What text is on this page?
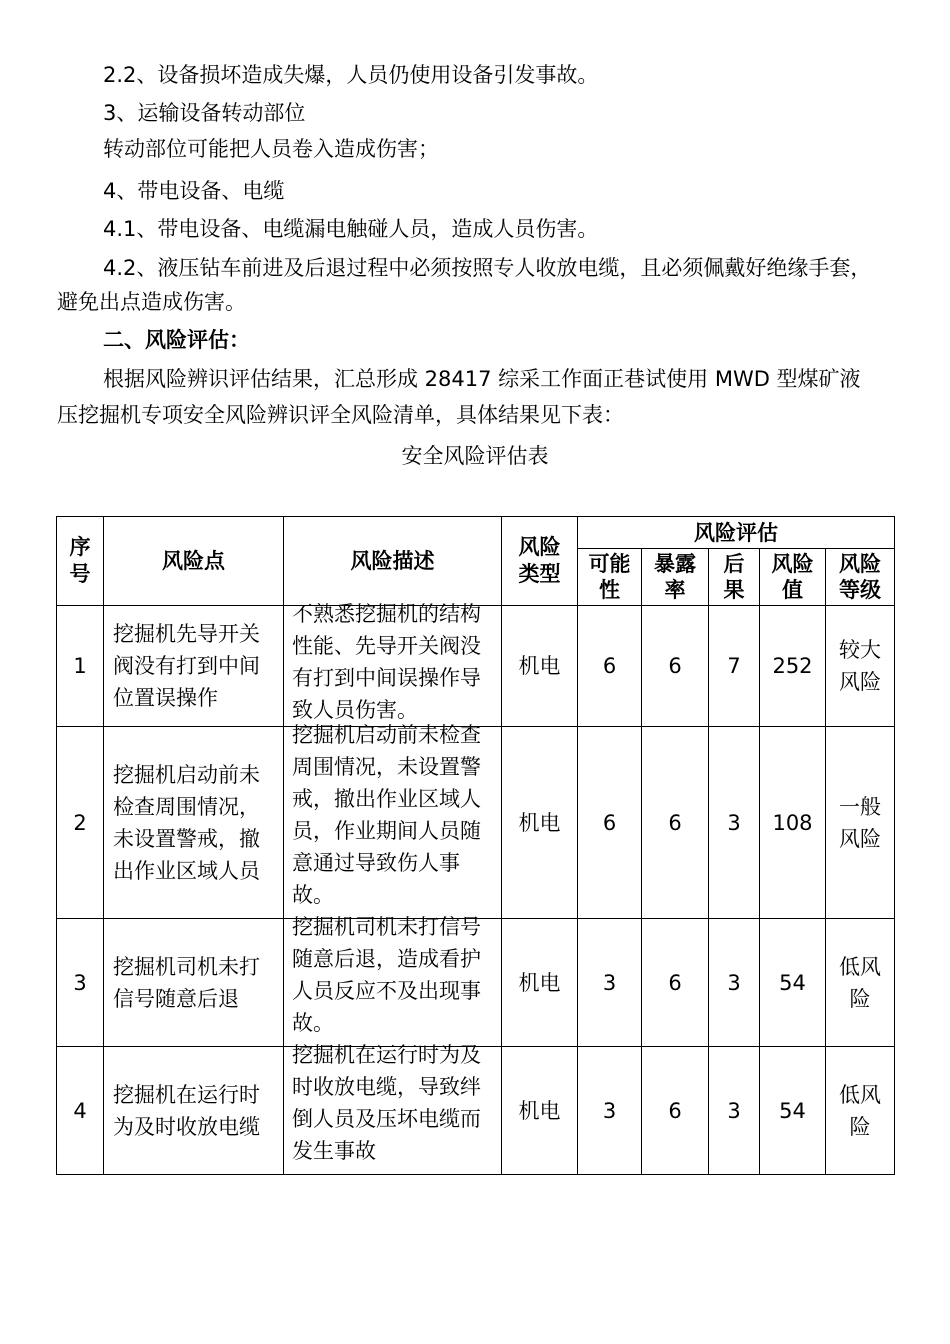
2.2、设备损坏造成失爆，人员仍使用设备引发事故。
3、运输设备转动部位
转动部位可能把人员卷入造成伤害；
4、带电设备、电缆
4.1、带电设备、电缆漏电触碰人员，造成人员伤害。
4.2、液压钻车前进及后退过程中必须按照专人收放电缆，且必须佩戴好绝缘手套，
避免出点造成伤害。
二、风险评估：
根据风险辨识评估结果，汇总形成 28417 综采工作面正巷试使用 MWD 型煤矿液
压挖掘机专项安全风险辨识评全风险清单，具体结果见下表：
安全风险评估表
序号	风险点	风险描述	风险类型	风险评估				

				可能性	暴露率	后果	风险值	风险等级

1	挖掘机先导开关阀没有打到中间位置误操作	不熟悉挖掘机的结构性能、先导开关阀没有打到中间误操作导致人员伤害。	机电	6	6	7	252	较大风险

2	挖掘机启动前未检查周围情况，未设置警戒，撤出作业区域人员	挖掘机启动前未检查周围情况，未设置警戒，撤出作业区域人员，作业期间人员随意通过导致伤人事故。	机电	6	6	3	108	一般风险

3	挖掘机司机未打信号随意后退	挖掘机司机未打信号随意后退，造成看护人员反应不及出现事故。	机电	3	6	3	54	低风险

4	挖掘机在运行时为及时收放电缆	挖掘机在运行时为及时收放电缆，导致绊倒人员及压坏电缆而发生事故	机电	3	6	3	54	低风险
